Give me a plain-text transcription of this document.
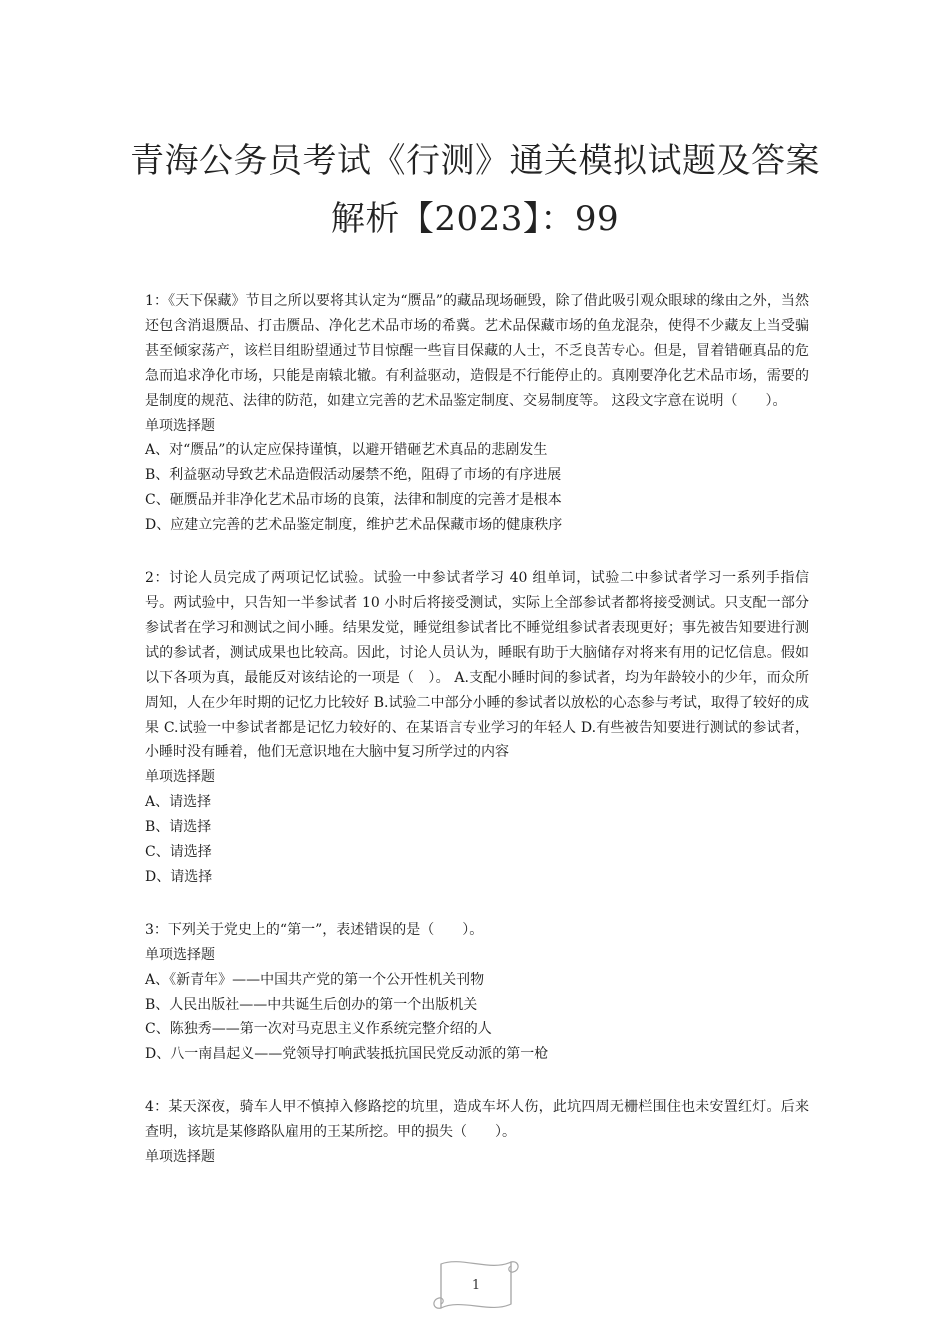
青海公务员考试《行测》通关模拟试题及答案解析【2023】：99

1：《天下保藏》节目之所以要将其认定为“赝品”的藏品现场砸毁，除了借此吸引观众眼球的缘由之外，当然还包含消退赝品、打击赝品、净化艺术品市场的希冀。艺术品保藏市场的鱼龙混杂，使得不少藏友上当受骗甚至倾家荡产，该栏目组盼望通过节目惊醒一些盲目保藏的人士，不乏良苦专心。但是，冒着错砸真品的危急而追求净化市场，只能是南辕北辙。有利益驱动，造假是不行能停止的。真刚要净化艺术品市场，需要的是制度的规范、法律的防范，如建立完善的艺术品鉴定制度、交易制度等。 这段文字意在说明（　　）。

单项选择题

A、对“赝品”的认定应保持谨慎，以避开错砸艺术真品的悲剧发生

B、利益驱动导致艺术品造假活动屡禁不绝，阻碍了市场的有序进展

C、砸赝品并非净化艺术品市场的良策，法律和制度的完善才是根本

D、应建立完善的艺术品鉴定制度，维护艺术品保藏市场的健康秩序

2：讨论人员完成了两项记忆试验。试验一中参试者学习 40 组单词，试验二中参试者学习一系列手指信号。两试验中，只告知一半参试者 10 小时后将接受测试，实际上全部参试者都将接受测试。只支配一部分参试者在学习和测试之间小睡。结果发觉，睡觉组参试者比不睡觉组参试者表现更好；事先被告知要进行测试的参试者，测试成果也比较高。因此，讨论人员认为，睡眠有助于大脑储存对将来有用的记忆信息。假如以下各项为真，最能反对该结论的一项是（　）。 A.支配小睡时间的参试者，均为年龄较小的少年，而众所周知，人在少年时期的记忆力比较好 B.试验二中部分小睡的参试者以放松的心态参与考试，取得了较好的成果 C.试验一中参试者都是记忆力较好的、在某语言专业学习的年轻人 D.有些被告知要进行测试的参试者，小睡时没有睡着，他们无意识地在大脑中复习所学过的内容

单项选择题

A、请选择

B、请选择

C、请选择

D、请选择

3：下列关于党史上的“第一”，表述错误的是（　　）。

单项选择题

A、《新青年》——中国共产党的第一个公开性机关刊物

B、人民出版社——中共诞生后创办的第一个出版机关

C、陈独秀——第一次对马克思主义作系统完整介绍的人

D、八一南昌起义——党领导打响武装抵抗国民党反动派的第一枪

4：某天深夜，骑车人甲不慎掉入修路挖的坑里，造成车坏人伤，此坑四周无栅栏围住也未安置红灯。后来查明，该坑是某修路队雇用的王某所挖。甲的损失（　　）。

单项选择题

1
